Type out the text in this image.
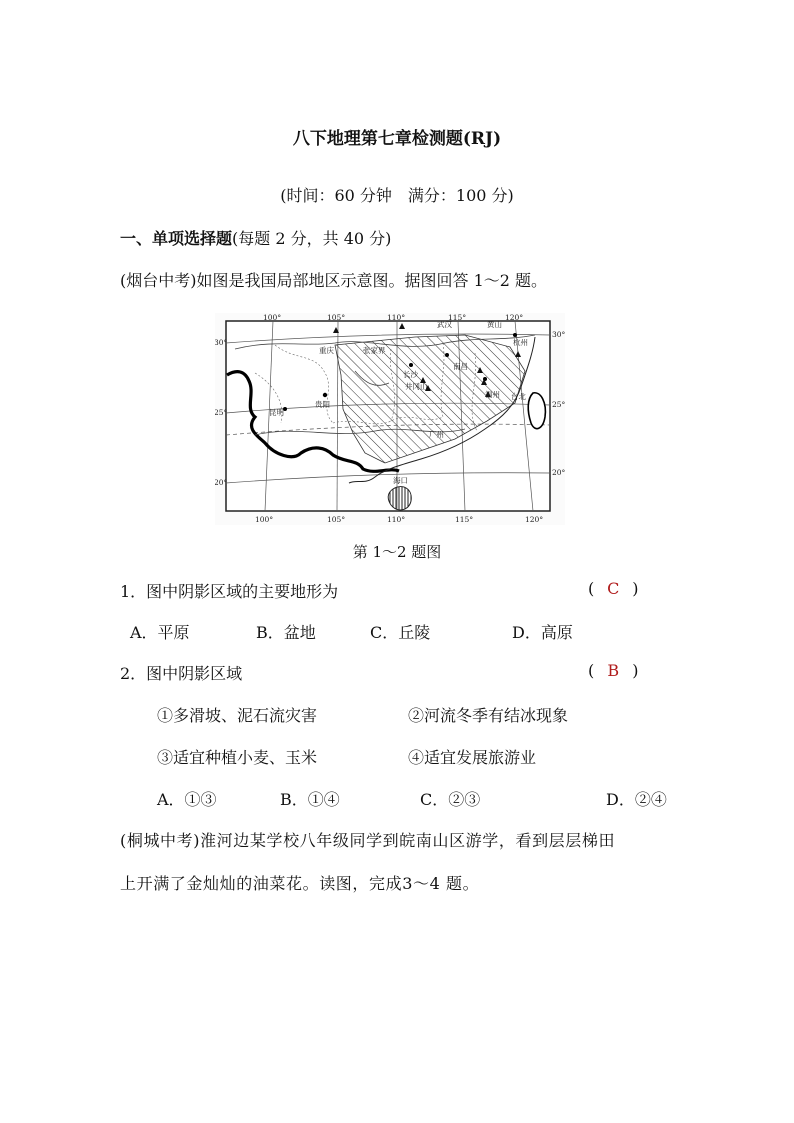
八下地理第七章检测题(RJ)
(时间：60 分钟　满分：100 分)
一、单项选择题(每题 2 分，共 40 分)
(烟台中考)如图是我国局部地区示意图。据图回答 1～2 题。
武汉	黄山
杭州
重庆	张家界
长沙
井冈山
南昌
贵阳
福州 台北
昆明
广州
海口
100°	105°	110°	115°	120°
100°	105°	110°	115°	120°
30°
25°
20°
30°
25°
20°
第 1～2 题图
1．图中阴影区域的主要地形为	( C )
A．平原	B．盆地	C．丘陵	D．高原
2．图中阴影区域	( B )
①多滑坡、泥石流灾害	②河流冬季有结冰现象
③适宜种植小麦、玉米	④适宜发展旅游业
A．①③	B．①④	C．②③	D．②④
(桐城中考)淮河边某学校八年级同学到皖南山区游学，看到层层梯田
上开满了金灿灿的油菜花。读图，完成3～4 题。
